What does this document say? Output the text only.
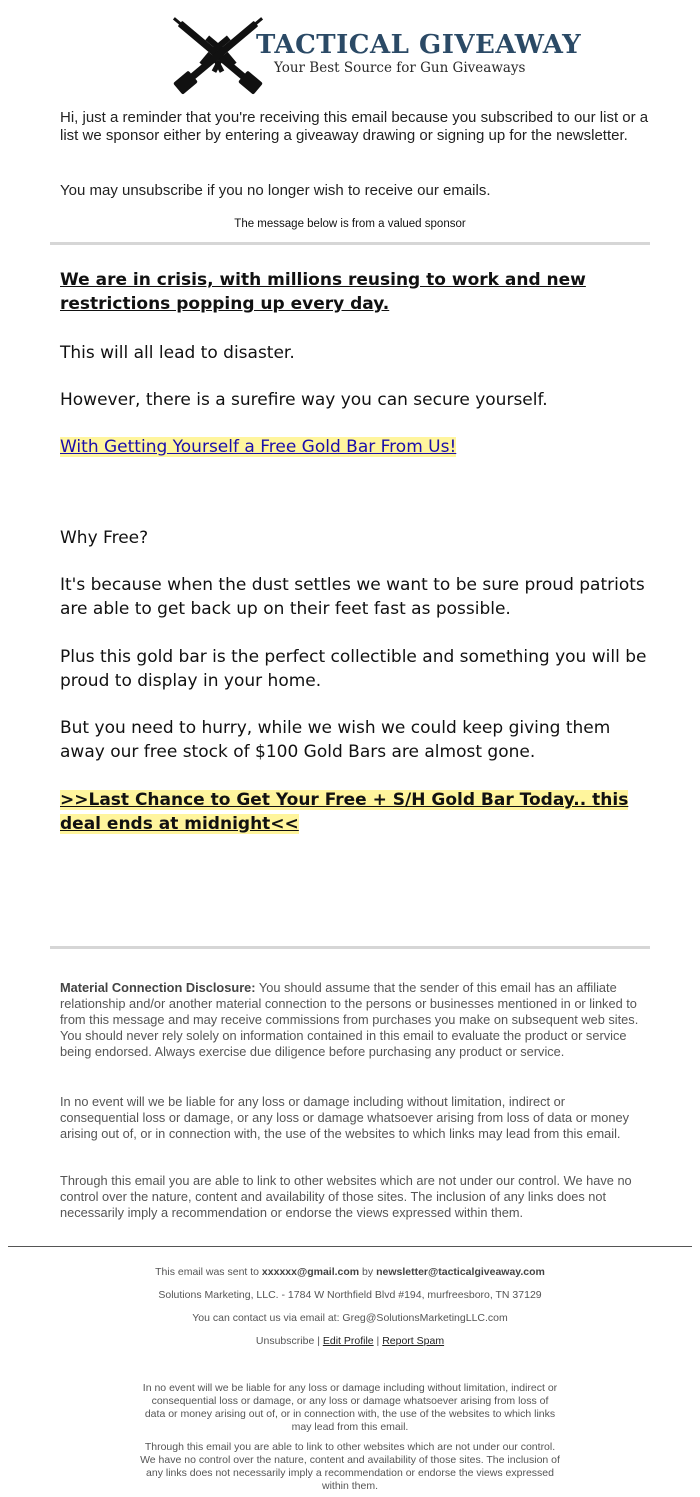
TACTICAL GIVEAWAY
Your Best Source for Gun Giveaways
Hi, just a reminder that you're receiving this email because you subscribed to our list or a list we sponsor either by entering a giveaway drawing or signing up for the newsletter.
You may unsubscribe if you no longer wish to receive our emails.
The message below is from a valued sponsor
We are in crisis, with millions reusing to work and new restrictions popping up every day.
This will all lead to disaster.
However, there is a surefire way you can secure yourself.
With Getting Yourself a Free Gold Bar From Us!
Why Free?
It's because when the dust settles we want to be sure proud patriots are able to get back up on their feet fast as possible.
Plus this gold bar is the perfect collectible and something you will be proud to display in your home.
But you need to hurry, while we wish we could keep giving them away our free stock of $100 Gold Bars are almost gone.
>>Last Chance to Get Your Free + S/H Gold Bar Today.. this deal ends at midnight<<
Material Connection Disclosure: You should assume that the sender of this email has an affiliate relationship and/or another material connection to the persons or businesses mentioned in or linked to from this message and may receive commissions from purchases you make on subsequent web sites. You should never rely solely on information contained in this email to evaluate the product or service being endorsed. Always exercise due diligence before purchasing any product or service.
In no event will we be liable for any loss or damage including without limitation, indirect or consequential loss or damage, or any loss or damage whatsoever arising from loss of data or money arising out of, or in connection with, the use of the websites to which links may lead from this email.
Through this email you are able to link to other websites which are not under our control. We have no control over the nature, content and availability of those sites. The inclusion of any links does not necessarily imply a recommendation or endorse the views expressed within them.
This email was sent to xxxxxx@gmail.com by newsletter@tacticalgiveaway.com
Solutions Marketing, LLC. - 1784 W Northfield Blvd #194, murfreesboro, TN 37129
You can contact us via email at: Greg@SolutionsMarketingLLC.com
Unsubscribe | Edit Profile | Report Spam
In no event will we be liable for any loss or damage including without limitation, indirect or consequential loss or damage, or any loss or damage whatsoever arising from loss of data or money arising out of, or in connection with, the use of the websites to which links may lead from this email.
Through this email you are able to link to other websites which are not under our control. We have no control over the nature, content and availability of those sites. The inclusion of any links does not necessarily imply a recommendation or endorse the views expressed within them.
